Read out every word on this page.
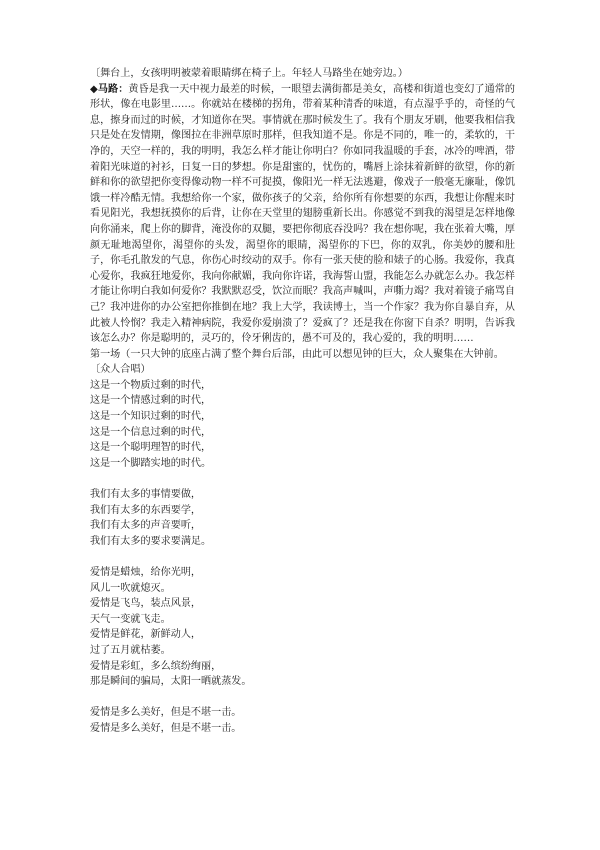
〔舞台上，女孩明明被蒙着眼睛绑在椅子上。年轻人马路坐在她旁边。）

◆马路：黄昏是我一天中视力最差的时候，一眼望去满街都是美女，高楼和街道也变幻了通常的形状，像在电影里……。你就站在楼梯的拐角，带着某种清香的味道，有点湿乎乎的，奇怪的气息，擦身而过的时候，才知道你在哭。事情就在那时候发生了。我有个朋友牙刷，他要我相信我只是处在发情期，像图拉在非洲草原时那样，但我知道不是。你是不同的，唯一的，柔软的，干净的，天空一样的，我的明明，我怎么样才能让你明白？你如同我温暖的手套，冰冷的啤酒，带着阳光味道的衬衫，日复一日的梦想。你是甜蜜的，忧伤的，嘴唇上涂抹着新鲜的欲望，你的新鲜和你的欲望把你变得像动物一样不可捉摸，像阳光一样无法逃避，像戏子一般毫无廉耻，像饥饿一样冷酷无情。我想给你一个家，做你孩子的父亲，给你所有你想要的东西，我想让你醒来时看见阳光，我想抚摸你的后背，让你在天堂里的翅膀重新长出。你感觉不到我的渴望是怎样地像向你涌来，爬上你的脚背，淹没你的双腿，要把你彻底吞没吗？我在想你呢，我在张着大嘴，厚颜无耻地渴望你，渴望你的头发，渴望你的眼睛，渴望你的下巴，你的双乳，你美妙的腰和肚子，你毛孔散发的气息，你伤心时绞动的双手。你有一张天使的脸和婊子的心肠。我爱你，我真心爱你，我疯狂地爱你，我向你献媚，我向你许诺，我海誓山盟，我能怎么办就怎么办。我怎样才能让你明白我如何爱你？我默默忍受，饮泣而眠？我高声喊叫，声嘶力竭？我对着镜子痛骂自己？我冲进你的办公室把你推倒在地？我上大学，我读博士，当一个作家？我为你自暴自弃，从此被人怜悯？我走入精神病院，我爱你爱崩溃了？爱疯了？还是我在你窗下自杀？明明，告诉我该怎么办？你是聪明的，灵巧的，伶牙俐齿的，愚不可及的，我心爱的，我的明明……

第一场（一只大钟的底座占满了整个舞台后部，由此可以想见钟的巨大，众人聚集在大钟前。

〔众人合唱）

这是一个物质过剩的时代，
这是一个情感过剩的时代，
这是一个知识过剩的时代，
这是一个信息过剩的时代，
这是一个聪明理智的时代，
这是一个脚踏实地的时代。
我们有太多的事情要做，
我们有太多的东西要学，
我们有太多的声音要听，
我们有太多的要求要满足。
爱情是蜡烛，给你光明，
风儿一吹就熄灭。
爱情是飞鸟，装点风景，
天气一变就飞走。
爱情是鲜花，新鲜动人，
过了五月就枯萎。
爱情是彩虹，多么缤纷绚丽，
那是瞬间的骗局，太阳一晒就蒸发。
爱情是多么美好，但是不堪一击。
爱情是多么美好，但是不堪一击。
